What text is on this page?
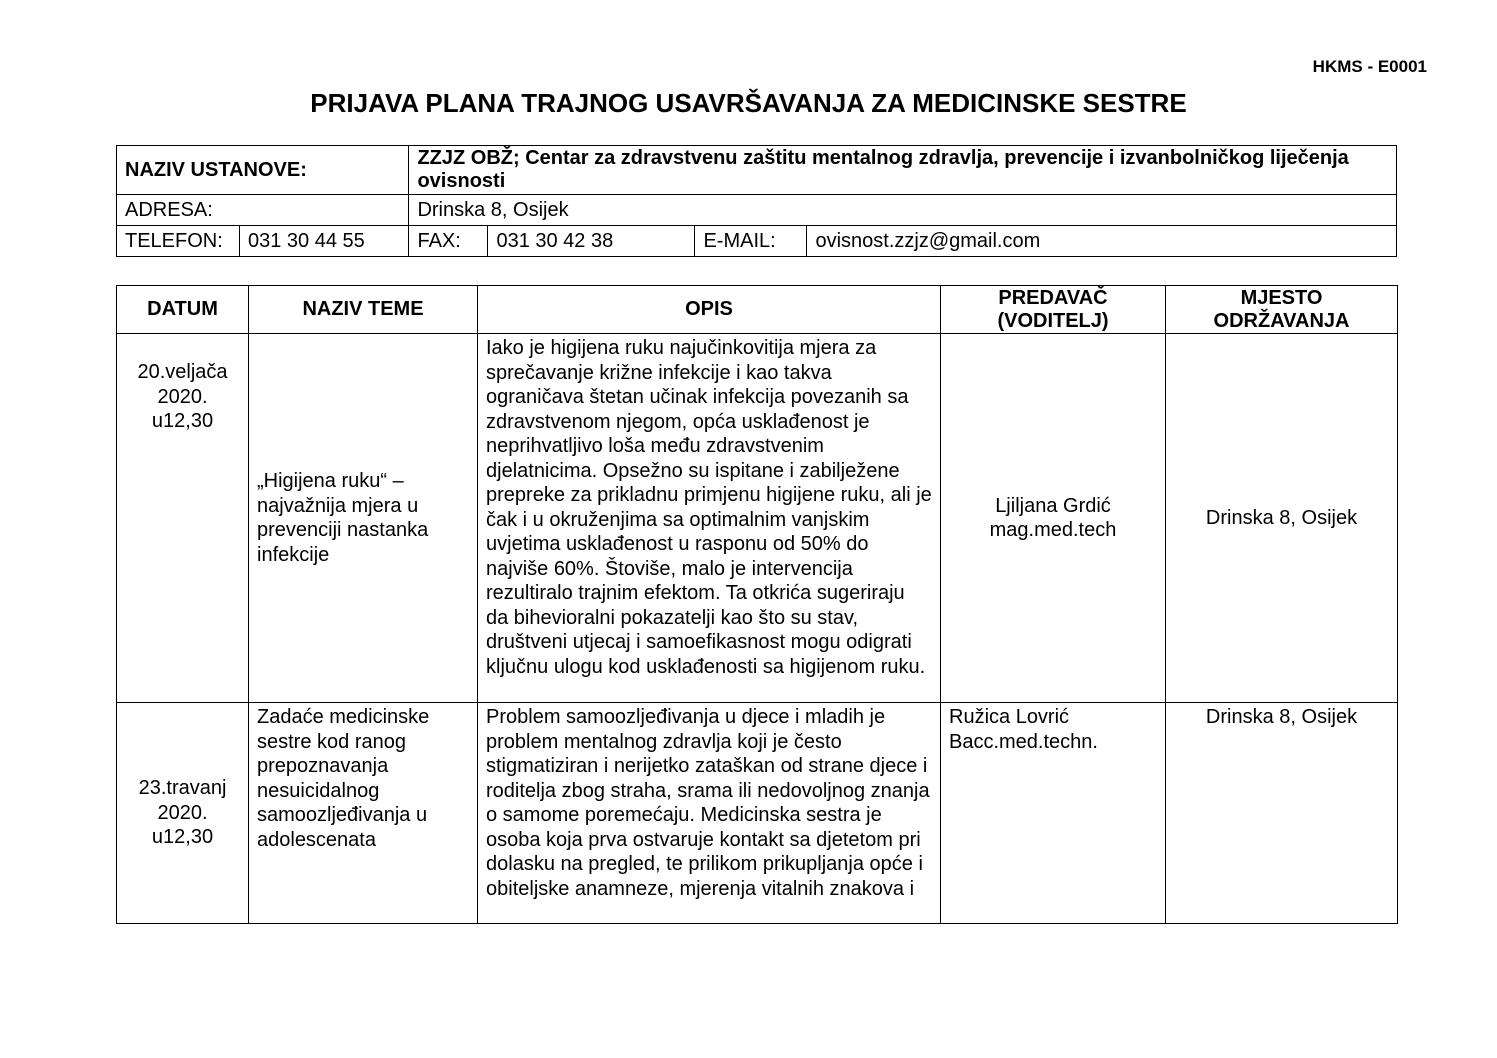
HKMS - E0001
PRIJAVA PLANA TRAJNOG USAVRŠAVANJA ZA MEDICINSKE SESTRE
NAZIV USTANOVE:		ZZJZ OBŽ; Centar za zdravstvenu zaštitu mentalnog zdravlja, prevencije i izvanbolničkog liječenja ovisnosti			
ADRESA:		Drinska 8, Osijek			
TELEFON:	031 30 44 55	FAX:	031 30 42 38	E-MAIL:	ovisnost.zzjz@gmail.com
DATUM	NAZIV TEME	OPIS	PREDAVAČ (VODITELJ)	MJESTO ODRŽAVANJA
20.veljača 2020. u12,30	„Higijena ruku“ – najvažnija mjera u prevenciji nastanka infekcije	Iako je higijena ruku najučinkovitija mjera za sprečavanje križne infekcije i kao takva ograničava štetan učinak infekcija povezanih sa zdravstvenom njegom, opća usklađenost je neprihvatljivo loša među zdravstvenim djelatnicima. Opsežno su ispitane i zabilježene prepreke za prikladnu primjenu higijene ruku, ali je čak i u okruženjima sa optimalnim vanjskim uvjetima usklađenost u rasponu od 50% do najviše 60%. Štoviše, malo je intervencija rezultiralo trajnim efektom. Ta otkrića sugeriraju da bihevioralni pokazatelji kao što su stav, društveni utjecaj i samoefikasnost mogu odigrati ključnu ulogu kod usklađenosti sa higijenom ruku.	Ljiljana Grdić mag.med.tech	Drinska 8, Osijek
23.travanj 2020. u12,30	Zadaće medicinske sestre kod ranog prepoznavanja nesuicidalnog samoozljeđivanja u adolescenata	Problem samoozljeđivanja u djece i mladih je problem mentalnog zdravlja koji je često stigmatiziran i nerijetko zataškan od strane djece i roditelja zbog straha, srama ili nedovoljnog znanja o samome poremećaju. Medicinska sestra je osoba koja prva ostvaruje kontakt sa djetetom pri dolasku na pregled, te prilikom prikupljanja opće i obiteljske anamneze, mjerenja vitalnih znakova i	Ružica Lovrić Bacc.med.techn.	Drinska 8, Osijek
